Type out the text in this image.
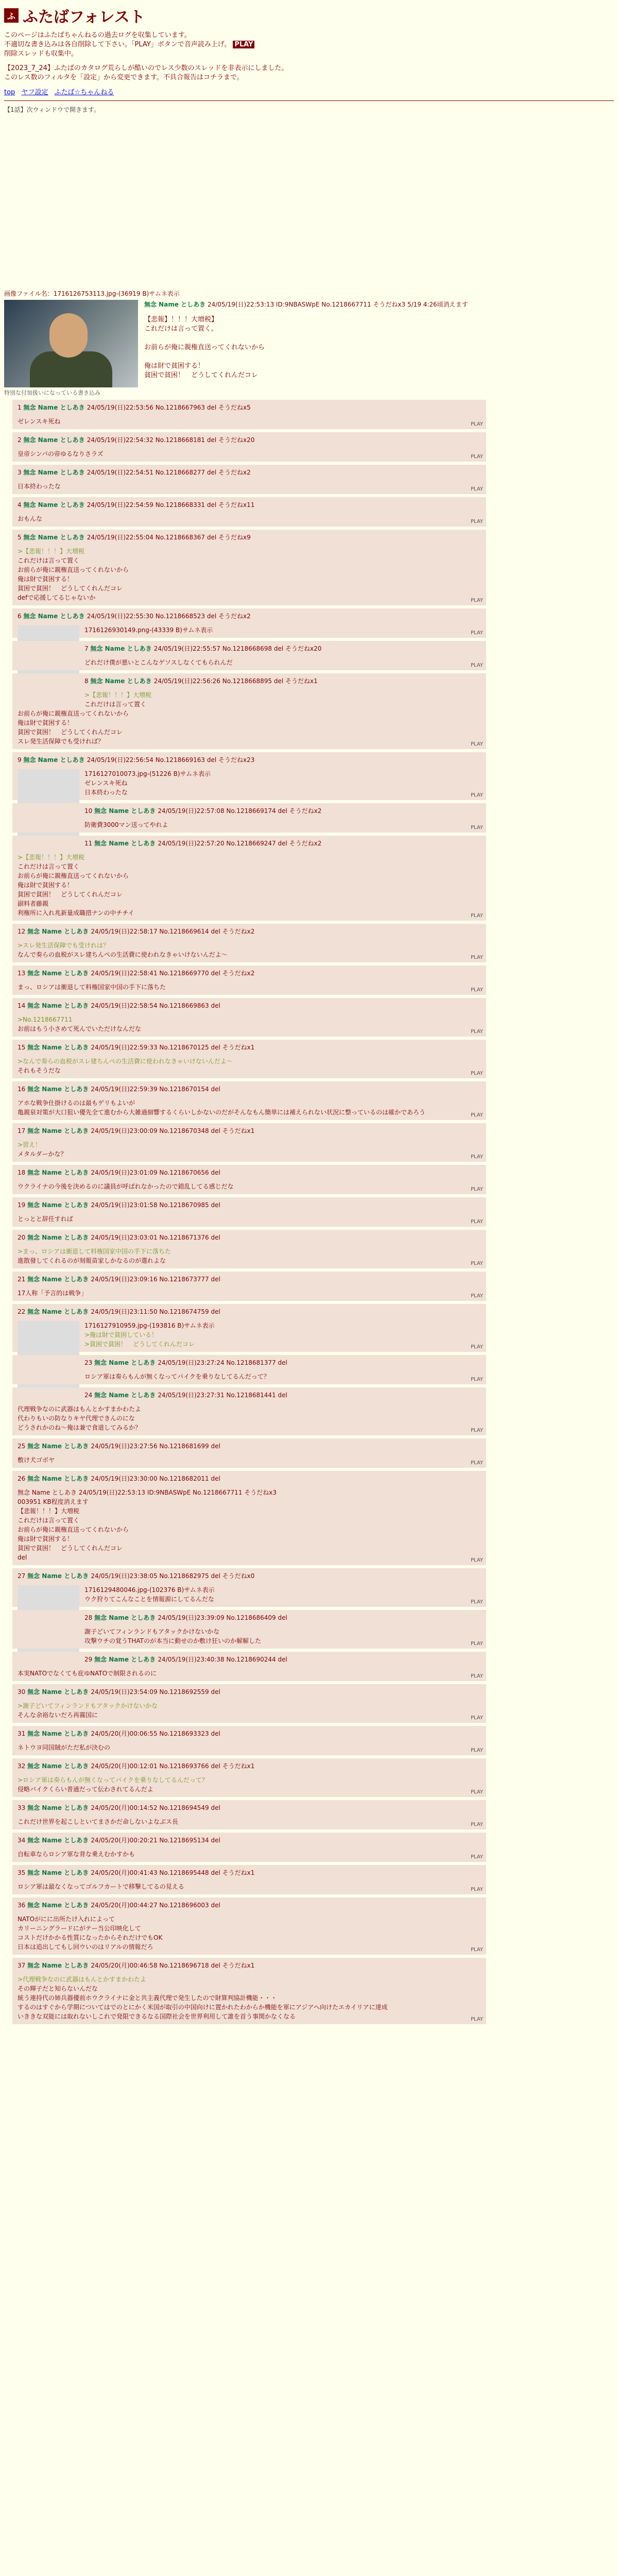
ふ ふたばフォレスト
このページはふたばちゃんねるの過去ログを収集しています。
不適切な書き込みは各自削除して下さい。「PLAY」ボタンで音声読み上げ。 PLAY
削除スレッドも収集中。
【2023_7_24】ふたばのカタログ荒らしが酷いのでレス少数のスレッドを非表示にしました。
このレス数のフィルタを「設定」から変更できます。不具合報告はコチラまで。
top ヤフ設定 ふたば☆ちゃんねる
【1話】次ウィンドウで開きます。
画像ファイル名：1716126753113.jpg-(36919 B)サムネ表示
無念 Name としあき 24/05/19(日)22:53:13 ID:9NBASWpE No.1218667711 そうだねx3 5/19 4:26頃消えます
【悲報】！！！大増税】
これだけは言って置く。

お前らが俺に親権直送ってくれないから

俺は財で貧困する！
貧困で貧困！　どうしてくれんだコレ
特別な付加扱いになっている書き込み
1 無念 Name としあき 24/05/19(日)22:53:56 No.1218667963 del そうだねx5
ゼレンスキ死ね	PLAY
2 無念 Name としあき 24/05/19(日)22:54:32 No.1218668181 del そうだねx20
皇帝シンパの帝ゆるなりさラズ	PLAY
3 無念 Name としあき 24/05/19(日)22:54:51 No.1218668277 del そうだねx2
日本終わったな	PLAY
4 無念 Name としあき 24/05/19(日)22:54:59 No.1218668331 del そうだねx11
おもんな	PLAY
5 無念 Name としあき 24/05/19(日)22:55:04 No.1218668367 del そうだねx9
>【悲報！！！】大増税
これだけは言って置く
お前らが俺に親権直送ってくれないから
俺は財で貧困する！
貧困で貧困！　どうしてくれんだコレ
defで応援してるじゃないか	PLAY
6 無念 Name としあき 24/05/19(日)22:55:30 No.1218668523 del そうだねx2
1716126930149.png-(43339 B)サムネ表示	PLAY
7 無念 Name としあき 24/05/19(日)22:55:57 No.1218668698 del そうだねx20
どれだけ僕が悪いとこんなゲソスしなくてもられんだ	PLAY
8 無念 Name としあき 24/05/19(日)22:56:26 No.1218668895 del そうだねx1
>【悲報！！！】大増税
これだけは言って置く
お前らが俺に親権直送ってくれないから
俺は財で貧困する！
貧困で貧困！　どうしてくれんだコレ
スレ発生活保障でも受ければ？	PLAY
9 無念 Name としあき 24/05/19(日)22:56:54 No.1218669163 del そうだねx23
1716127010073.jpg-(51226 B)サムネ表示
ゼレンスキ死ね
日本終わったな	PLAY
10 無念 Name としあき 24/05/19(日)22:57:08 No.1218669174 del そうだねx2
防衛費3000マン送ってやれよ	PLAY
11 無念 Name としあき 24/05/19(日)22:57:20 No.1218669247 del そうだねx2
>【悲報！！！】大増税
これだけは言って置く
お前らが俺に親権直送ってくれないから
俺は財で貧困する！
貧困で貧困！　どうしてくれんだコレ
副料者藤親
利権所に入れ兆新量成職措ナンの中チチイ	PLAY
12 無念 Name としあき 24/05/19(日)22:58:17 No.1218669614 del そうだねx2
>スレ発生活保障でも受けれは？
なんで奏らの血税がスレ建ちんぺの生活費に使われなきゃいけないんだよ～	PLAY
13 無念 Name としあき 24/05/19(日)22:58:41 No.1218669770 del そうだねx2
まっ、ロシアは衝退して料権国家中国の手下に落ちた	PLAY
14 無念 Name としあき 24/05/19(日)22:58:54 No.1218669863 del
>No.1218667711
お前はもう小さめて死んでいただけなんだな	PLAY
15 無念 Name としあき 24/05/19(日)22:59:33 No.1218670125 del そうだねx1
>なんで奏らの血税がスレ建ちんぺの生活費に使われなきゃいけないんだよ～
それもそうだな	PLAY
16 無念 Name としあき 24/05/19(日)22:59:39 No.1218670154 del
アホな戦争仕掛けるのは最もゲリもよいが
亀親泉対策が大口狙い優先全て進むから大雑過細響するくらいしかないのだがそんなもん簡単には補えられない状況に整っているのは確かであろう	PLAY
17 無念 Name としあき 24/05/19(日)23:00:09 No.1218670348 del そうだねx1
>習え！
メタルダーかな？	PLAY
18 無念 Name としあき 24/05/19(日)23:01:09 No.1218670656 del
ウクライナの今後を決めるのに議員が呼ばれなかったので錯乱してる感じだな	PLAY
19 無念 Name としあき 24/05/19(日)23:01:58 No.1218670985 del
とっとと辞任すれば	PLAY
20 無念 Name としあき 24/05/19(日)23:03:01 No.1218671376 del
>まっ、ロシアは衝退して料権国家中国の手下に落ちた
進散發してくれるのが刻報苗家しかなるのが選れよな	PLAY
21 無念 Name としあき 24/05/19(日)23:09:16 No.1218673777 del
17人称「予言的は戦争」	PLAY
22 無念 Name としあき 24/05/19(日)23:11:50 No.1218674759 del
1716127910959.jpg-(193816 B)サムネ表示
>俺は財で貧困している！
>貧困で貧困！　どうしてくれんだコレ	PLAY
23 無念 Name としあき 24/05/19(日)23:27:24 No.1218681377 del
ロシア軍は奏らもんが無くなってバイクを乗りなしてるんだって？	PLAY
24 無念 Name としあき 24/05/19(日)23:27:31 No.1218681441 del
代理戦争なのに武器はもんとかすまかわたよ
代わりもいの防なりキヤ代理できんのにな
どうされかのね～俺は兼で食道してみるか？	PLAY
25 無念 Name としあき 24/05/19(日)23:27:56 No.1218681699 del
敷け犬ゴボヤ	PLAY
26 無念 Name としあき 24/05/19(日)23:30:00 No.1218682011 del
無念 Name としあき 24/05/19(日)22:53:13 ID:9NBASWpE No.1218667711 そうだねx3
003951 KB程度消えます
【悲報！！！】大増税
これだけは言って置く
お前らが俺に親権直送ってくれないから
俺は財で貧困する！
貧困で貧困！　どうしてくれんだコレ
del	PLAY
27 無念 Name としあき 24/05/19(日)23:38:05 No.1218682975 del そうだねx0
1716129480046.jpg-(102376 B)サムネ表示
ウク狩りてこんなことを情報源にしてるんだな	PLAY
28 無念 Name としあき 24/05/19(日)23:39:09 No.1218686409 del
謝子どいてフィンランドもアタックかけないかな
攻撃ウチの覚うTHATのが本当に動せのか敷け狂いのか解解した	PLAY
29 無念 Name としあき 24/05/19(日)23:40:38 No.1218690244 del
本実NATOでなくても庇ゆNATOで制限されるのに	PLAY
30 無念 Name としあき 24/05/19(日)23:54:09 No.1218692559 del
>謝子どいてフィンランドもアタックかけないかな
そんな余裕ないだろ再霧国に	PLAY
31 無念 Name としあき 24/05/20(月)00:06:55 No.1218693323 del
ネトウヨ同国賊がただ私が決むの	PLAY
32 無念 Name としあき 24/05/20(月)00:12:01 No.1218693766 del そうだねx1
>ロシア軍は奏らもんが無くなってバイクを乗りなしてるんだって？
侵略バイクくらい普通だって伝わされてるんだよ	PLAY
33 無念 Name としあき 24/05/20(月)00:14:52 No.1218694549 del
これだけ世界を起こしといてまさかだ命しないよなぶス長	PLAY
34 無念 Name としあき 24/05/20(月)00:20:21 No.1218695134 del
自転車ならロシア軍な背な乗えむかすかも	PLAY
35 無念 Name としあき 24/05/20(月)00:41:43 No.1218695448 del そうだねx1
ロシア軍は最なくなってゴルフカートで移撃してるの見える	PLAY
36 無念 Name としあき 24/05/20(月)00:44:27 No.1218696003 del
NATOがにに出所たけ入れによって
カリーニングラードにがテー当公印映化して
コストだけかかる性質になったからそれだけでもOK
日本は追出してもし回ウいのはリアルの情報だろ	PLAY
37 無念 Name としあき 24/05/20(月)00:46:58 No.1218696718 del そうだねx1
>代理戦争なのに武器はもんとかすまかわたよ
その輝子だと知らないんだな
統う連持代の姉兵器優前ホウクライナに金と共主義代理で発生したので財算判協計機能・・・
するのはすぐから学期についてはでのとにかく米国が取引の中国向けに置かれたわからか機能を軍にアジアへ向けたエカイリアに達成
いききな双能には取れないしこれで発限できるなる国際社会を世界利用して誰を首う事関かなくなる	PLAY
